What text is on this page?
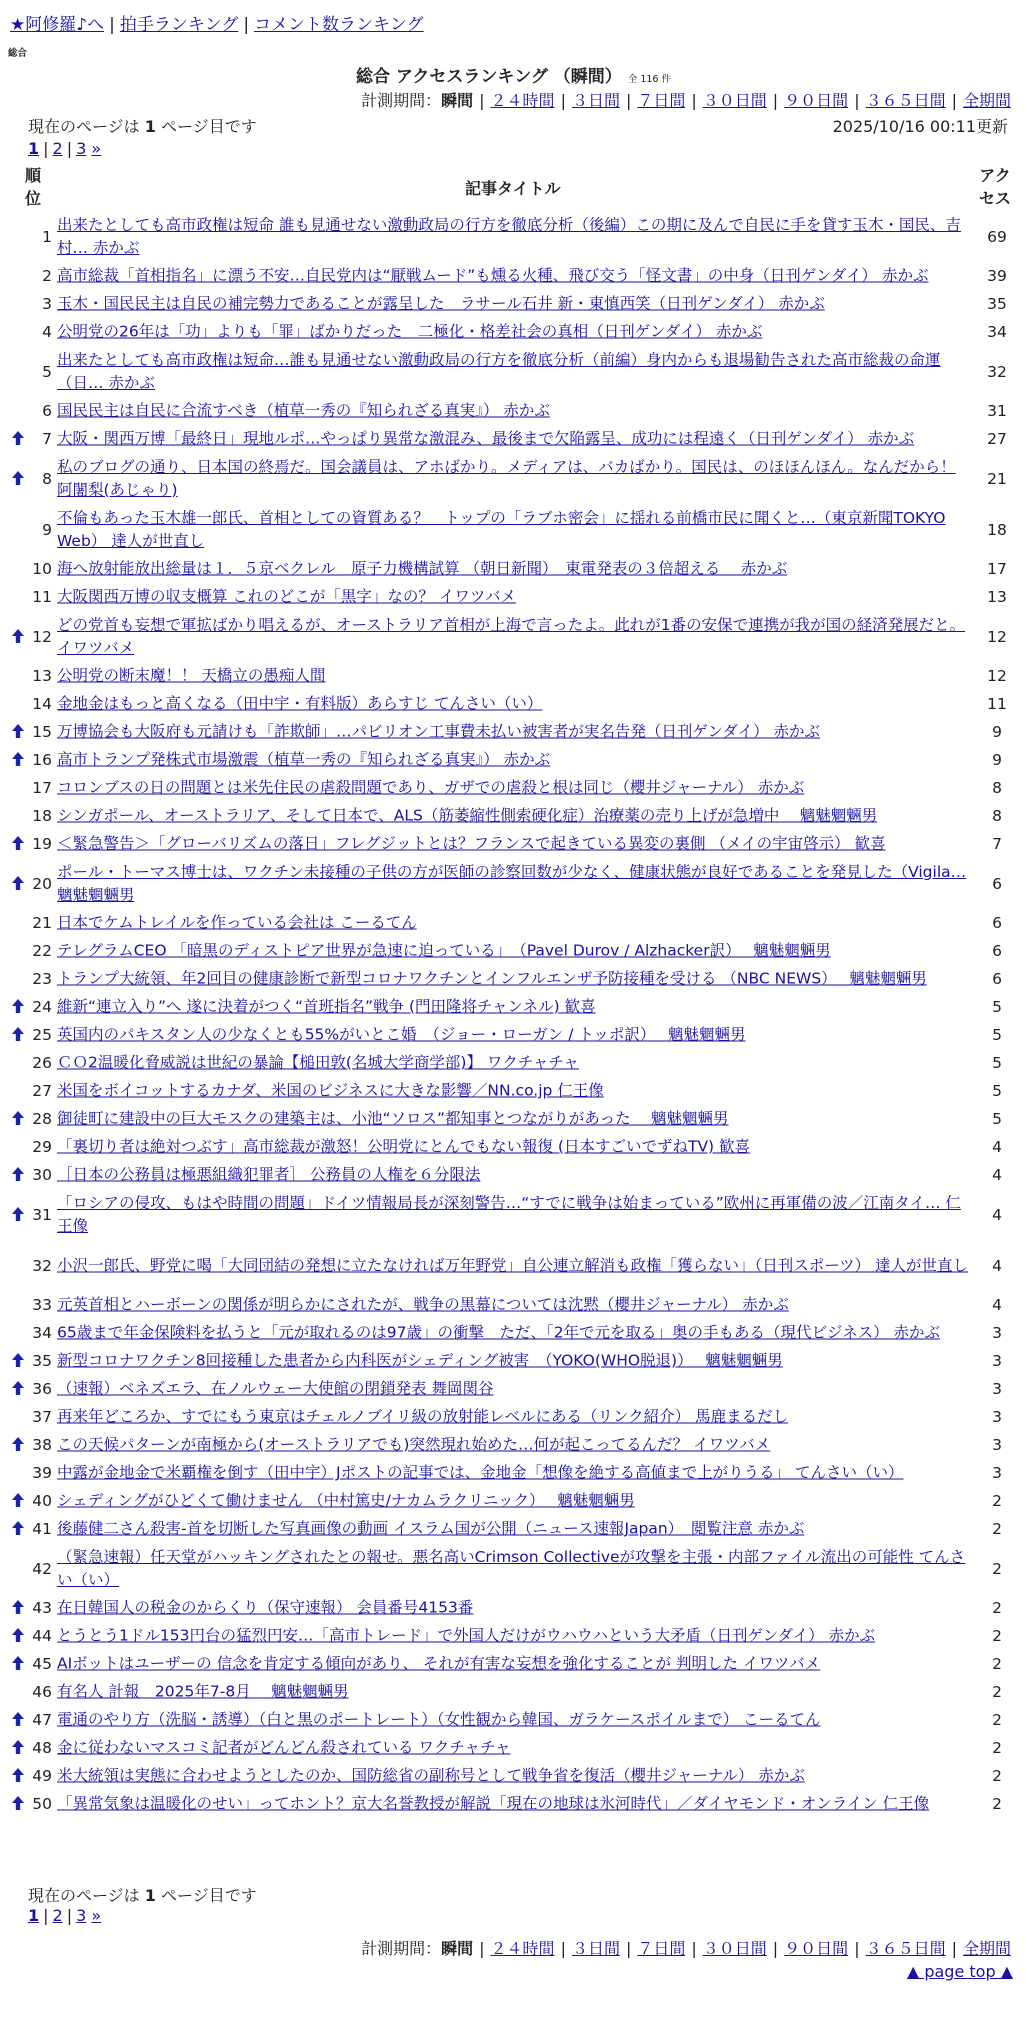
★阿修羅♪へ | 拍手ランキング | コメント数ランキング
総合
総合 アクセスランキング （瞬間） 全 116 件
計測期間：瞬間 | ２４時間 | ３日間 | ７日間 | ３０日間 | ９０日間 | ３６５日間 | 全期間
現在のページは 1 ページ目です	2025/10/16 00:11更新
1 | 2 | 3 »
順位
記事タイトル
アクセス
1
出来たとしても高市政権は短命 誰も見通せない激動政局の行方を徹底分析（後編）この期に及んで自民に手を貸す玉木・国民、吉村… 赤かぶ
69
2 高市総裁「首相指名」に漂う不安…自民党内は“厭戦ムード”も燻る火種、飛び交う「怪文書」の中身（日刊ゲンダイ） 赤かぶ	39
3 玉木・国民民主は自民の補完勢力であることが露呈した　ラサール石井 新・東慎西笑（日刊ゲンダイ） 赤かぶ	35
4 公明党の26年は「功」よりも「罪」ばかりだった　二極化・格差社会の真相（日刊ゲンダイ） 赤かぶ	34
5
出来たとしても高市政権は短命…誰も見通せない激動政局の行方を徹底分析（前編）身内からも退場勧告された高市総裁の命運（日… 赤かぶ
32
6 国民民主は自民に合流すべき（植草一秀の『知られざる真実』） 赤かぶ	31
7 大阪・関西万博「最終日」現地ルポ…やっぱり異常な激混み、最後まで欠陥露呈、成功には程遠く（日刊ゲンダイ） 赤かぶ	27
8
私のブログの通り、日本国の終焉だ。国会議員は、アホばかり。メディアは、バカばかり。国民は、のほほんほん。なんだから！ 阿闍梨(あじゃり)
21
9
不倫もあった玉木雄一郎氏、首相としての資質ある？　トップの「ラブホ密会」に揺れる前橋市民に聞くと…（東京新聞TOKYO Web） 達人が世直し
18
10 海へ放射能放出総量は１．５京ベクレル　原子力機構試算 （朝日新聞）　東電発表の３倍超える　 赤かぶ	17
11 大阪関西万博の収支概算 これのどこが「黒字」なの？ イワツバメ	13
12
どの党首も妄想で軍拡ばかり唱えるが、オーストラリア首相が上海で言ったよ。此れが1番の安保で連携が我が国の経済発展だと。 イワツバメ
12
13 公明党の断末魔！！ 天橋立の愚痴人間	12
14 金地金はもっと高くなる（田中宇・有料版）あらすじ てんさい（い）	11
15 万博協会も大阪府も元請けも「詐欺師」…パビリオン工事費未払い被害者が実名告発（日刊ゲンダイ） 赤かぶ	9
16 高市トランプ発株式市場激震（植草一秀の『知られざる真実』） 赤かぶ	9
17 コロンブスの日の問題とは米先住民の虐殺問題であり、ガザでの虐殺と根は同じ（櫻井ジャーナル） 赤かぶ	8
18 シンガポール、オーストラリア、そして日本で、ALS（筋萎縮性側索硬化症）治療薬の売り上げが急増中　 魑魅魍魎男	8
19 ＜緊急警告＞「グローバリズムの落日」フレグジットとは？フランスで起きている異変の裏側 （メイの宇宙啓示） 歓喜	7
20
ポール・トーマス博士は、ワクチン未接種の子供の方が医師の診察回数が少なく、健康状態が良好であることを発見した（Vigila… 魑魅魍魎男
6
21 日本でケムトレイルを作っている会社は こーるてん	6
22 テレグラムCEO 「暗黒のディストピア世界が急速に迫っている」　（Pavel Durov / Alzhacker訳）　 魑魅魍魎男	6
23 トランプ大統領、年2回目の健康診断で新型コロナワクチンとインフルエンザ予防接種を受ける （NBC NEWS）　 魑魅魍魎男	6
24 維新“連立入り”へ 遂に決着がつく“首班指名”戦争 (門田隆将チャンネル) 歓喜	5
25 英国内のパキスタン人の少なくとも55%がいとこ婚　（ジョー・ローガン / トッポ訳）　 魑魅魍魎男	5
26 ＣＯ2温暖化脅威説は世紀の暴論【槌田敦(名城大学商学部)】 ワクチャチャ	5
27 米国をボイコットするカナダ、米国のビジネスに大きな影響／NN.co.jp 仁王像	5
28 御徒町に建設中の巨大モスクの建築主は、小池“ソロス”都知事とつながりがあった　 魑魅魍魎男	5
29 「裏切り者は絶対つぶす」高市総裁が激怒！公明党にとんでもない報復 (日本すごいでずねTV) 歓喜	4
30 ［日本の公務員は極悪組織犯罪者］ 公務員の人権を６分限法	4
31
「ロシアの侵攻、もはや時間の問題」ドイツ情報局長が深刻警告…“すでに戦争は始まっている”欧州に再軍備の波／江南タイ… 仁王像
4
32 小沢一郎氏、野党に喝「大同団結の発想に立たなければ万年野党」自公連立解消も政権「獲らない」（日刊スポーツ） 達人が世直し	4
33 元英首相とハーボーンの関係が明らかにされたが、戦争の黒幕については沈黙（櫻井ジャーナル） 赤かぶ	4
34 65歳まで年金保険料を払うと「元が取れるのは97歳」の衝撃　ただ、「2年で元を取る」奥の手もある（現代ビジネス） 赤かぶ	3
35 新型コロナワクチン8回接種した患者から内科医がシェディング被害　（YOKO(WHO脱退)）　 魑魅魍魎男	3
36 （速報）ベネズエラ、在ノルウェー大使館の閉鎖発表 舞岡関谷	3
37 再来年どころか、すでにもう東京はチェルノブイリ級の放射能レベルにある（リンク紹介） 馬鹿まるだし	3
38 この天候パターンが南極から(オーストラリアでも)突然現れ始めた…何が起こってるんだ？ イワツバメ	3
39 中露が金地金で米覇権を倒す（田中宇）Jポストの記事では、金地金「想像を絶する高値まで上がりうる」 てんさい（い）	3
40 シェディングがひどくて働けません （中村篤史/ナカムラクリニック）　 魑魅魍魎男	2
41 後藤健二さん殺害-首を切断した写真画像の動画 イスラム国が公開（ニュース速報Japan）　閲覧注意 赤かぶ	2
42
（緊急速報）任天堂がハッキングされたとの報せ。悪名高いCrimson Collectiveが攻撃を主張・内部ファイル流出の可能性 てんさい（い）
2
43 在日韓国人の税金のからくり（保守速報） 会員番号4153番	2
44 とうとう1ドル153円台の猛烈円安…「高市トレード」で外国人だけがウハウハという大矛盾（日刊ゲンダイ） 赤かぶ	2
45 AIボットはユーザーの 信念を肯定する傾向があり、 それが有害な妄想を強化することが 判明した イワツバメ	2
46 有名人 計報　2025年7-8月　 魑魅魍魎男	2
47 電通のやり方（洗脳・誘導）（白と黒のポートレート）（女性観から韓国、ガラケースポイルまで） こーるてん	2
48 金に従わないマスコミ記者がどんどん殺されている ワクチャチャ	2
49 米大統領は実態に合わせようとしたのか、国防総省の副称号として戦争省を復活（櫻井ジャーナル） 赤かぶ	2
50 「異常気象は温暖化のせい」ってホント？京大名誉教授が解説「現在の地球は氷河時代」／ダイヤモンド・オンライン 仁王像	2
現在のページは 1 ページ目です
1 | 2 | 3 »
計測期間：瞬間 | ２４時間 | ３日間 | ７日間 | ３０日間 | ９０日間 | ３６５日間 | 全期間
▲ page top ▲
